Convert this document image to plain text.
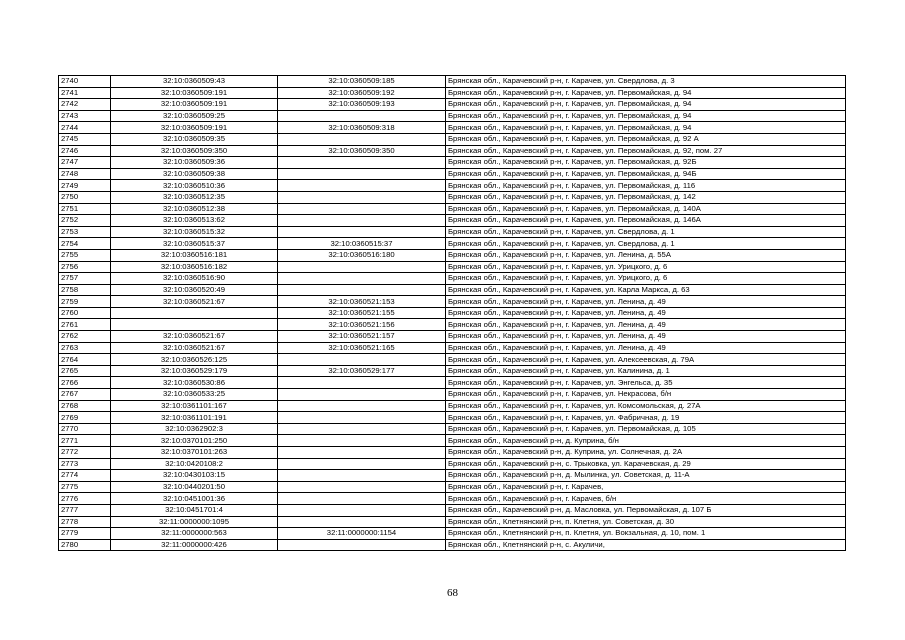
2740	32:10:0360509:43	32:10:0360509:185	Брянская обл., Карачевский р-н, г. Карачев, ул. Свердлова, д. 3
2741	32:10:0360509:191	32:10:0360509:192	Брянская обл., Карачевский р-н, г. Карачев, ул. Первомайская, д. 94
2742	32:10:0360509:191	32:10:0360509:193	Брянская обл., Карачевский р-н, г. Карачев, ул. Первомайская, д. 94
2743	32:10:0360509:25		Брянская обл., Карачевский р-н, г. Карачев, ул. Первомайская, д. 94
2744	32:10:0360509:191	32:10:0360509:318	Брянская обл., Карачевский р-н, г. Карачев, ул. Первомайская, д. 94
2745	32:10:0360509:35		Брянская обл., Карачевский р-н, г. Карачев, ул. Первомайская, д. 92 А
2746	32:10:0360509:350	32:10:0360509:350	Брянская обл., Карачевский р-н, г. Карачев, ул. Первомайская, д. 92, пом. 27
2747	32:10:0360509:36		Брянская обл., Карачевский р-н, г. Карачев, ул. Первомайская, д. 92Б
2748	32:10:0360509:38		Брянская обл., Карачевский р-н, г. Карачев, ул. Первомайская, д. 94Б
2749	32:10:0360510:36		Брянская обл., Карачевский р-н, г. Карачев, ул. Первомайская, д. 116
2750	32:10:0360512:35		Брянская обл., Карачевский р-н, г. Карачев, ул. Первомайская, д. 142
2751	32:10:0360512:38		Брянская обл., Карачевский р-н, г. Карачев, ул. Первомайская, д. 140А
2752	32:10:0360513:62		Брянская обл., Карачевский р-н, г. Карачев, ул. Первомайская, д. 146А
2753	32:10:0360515:32		Брянская обл., Карачевский р-н, г. Карачев, ул. Свердлова, д. 1
2754	32:10:0360515:37	32:10:0360515:37	Брянская обл., Карачевский р-н, г. Карачев, ул. Свердлова, д. 1
2755	32:10:0360516:181	32:10:0360516:180	Брянская обл., Карачевский р-н, г. Карачев, ул. Ленина, д. 55А
2756	32:10:0360516:182		Брянская обл., Карачевский р-н, г. Карачев, ул. Урицкого, д. 6
2757	32:10:0360516:90		Брянская обл., Карачевский р-н, г. Карачев, ул. Урицкого, д. 6
2758	32:10:0360520:49		Брянская обл., Карачевский р-н, г. Карачев, ул. Карла Маркса, д. 63
2759	32:10:0360521:67	32:10:0360521:153	Брянская обл., Карачевский р-н, г. Карачев, ул. Ленина, д. 49
2760		32:10:0360521:155	Брянская обл., Карачевский р-н, г. Карачев, ул. Ленина, д. 49
2761		32:10:0360521:156	Брянская обл., Карачевский р-н, г. Карачев, ул. Ленина, д. 49
2762	32:10:0360521:67	32:10:0360521:157	Брянская обл., Карачевский р-н, г. Карачев, ул. Ленина, д. 49
2763	32:10:0360521:67	32:10:0360521:165	Брянская обл., Карачевский р-н, г. Карачев, ул. Ленина, д. 49
2764	32:10:0360526:125		Брянская обл., Карачевский р-н, г. Карачев, ул. Алексеевская, д. 79А
2765	32:10:0360529:179	32:10:0360529:177	Брянская обл., Карачевский р-н, г. Карачев, ул. Калинина, д. 1
2766	32:10:0360530:86		Брянская обл., Карачевский р-н, г. Карачев, ул. Энгельса, д. 35
2767	32:10:0360533:25		Брянская обл., Карачевский р-н, г. Карачев, ул. Некрасова, б/н
2768	32:10:0361101:167		Брянская обл., Карачевский р-н, г. Карачев, ул. Комсомольская, д. 27А
2769	32:10:0361101:191		Брянская обл., Карачевский р-н, г. Карачев, ул. Фабричная, д. 19
2770	32:10:0362902:3		Брянская обл., Карачевский р-н, г. Карачев, ул. Первомайская, д. 105
2771	32:10:0370101:250		Брянская обл., Карачевский р-н, д. Куприна, б/н
2772	32:10:0370101:263		Брянская обл., Карачевский р-н, д. Куприна, ул. Солнечная, д. 2А
2773	32:10:0420108:2		Брянская обл., Карачевский р-н, с. Трыковка, ул. Карачевская, д. 29
2774	32:10:0430103:15		Брянская обл., Карачевский р-н, д. Мылинка, ул. Советская, д. 11-А
2775	32:10:0440201:50		Брянская обл., Карачевский р-н, г. Карачев,
2776	32:10:0451001:36		Брянская обл., Карачевский р-н, г. Карачев, б/н
2777	32:10:0451701:4		Брянская обл., Карачевский р-н, д. Масловка, ул. Первомайская, д. 107 Б
2778	32:11:0000000:1095		Брянская обл., Клетнянский р-н, п. Клетня, ул. Советская, д. 30
2779	32:11:0000000:563	32:11:0000000:1154	Брянская обл., Клетнянский р-н, п. Клетня, ул. Вокзальная, д. 10, пом. 1
2780	32:11:0000000:426		Брянская обл., Клетнянский р-н, с. Акуличи,
68
